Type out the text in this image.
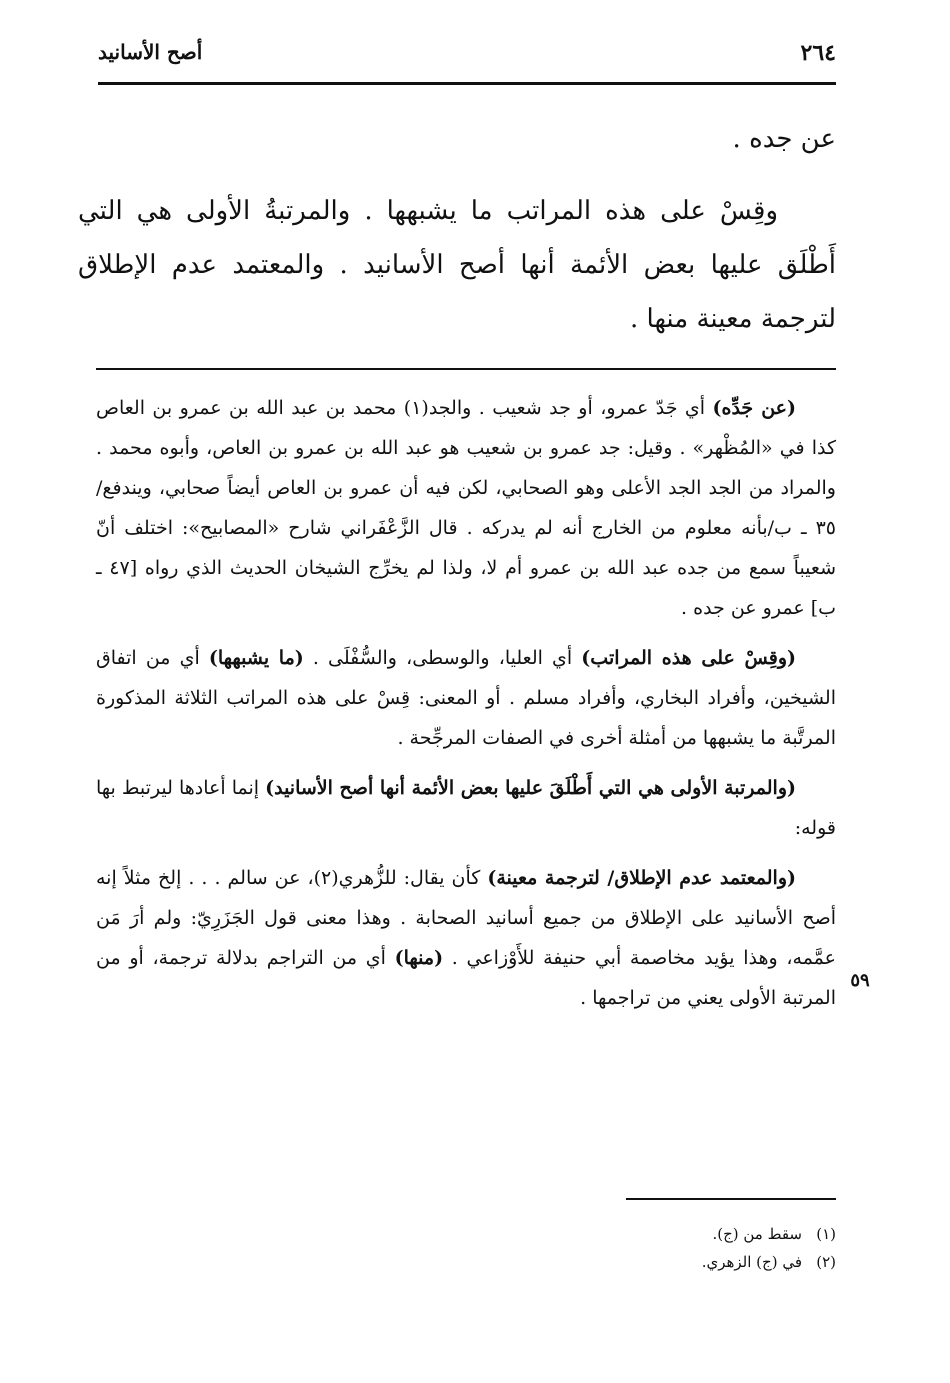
٢٦٤
أصح الأسانيد

عن جده .

وقِسْ على هذه المراتب ما يشبهها . والمرتبةُ الأولى هي التي أَطْلَق عليها بعض الأئمة أنها أصح الأسانيد . والمعتمد عدم الإطلاق لترجمة معينة منها .

(عن جَدِّه) أي جَدّ عمرو، أو جد شعيب . والجد(١) محمد بن عبد الله بن عمرو بن العاص كذا في «المُظْهر» . وقيل: جد عمرو بن شعيب هو عبد الله بن عمرو بن العاص، وأبوه محمد . والمراد من الجد الجد الأعلى وهو الصحابي، لكن فيه أن عمرو بن العاص أيضاً صحابي، ويندفع/٣٥ ـ ب/بأنه معلوم من الخارج أنه لم يدركه . قال الزَّعْفَراني شارح «المصابيح»: اختلف أنّ شعيباً سمع من جده عبد الله بن عمرو أم لا، ولذا لم يخرِّج الشيخان الحديث الذي رواه [٤٧ ـ ب] عمرو عن جده .

(وقِسْ على هذه المراتب) أي العليا، والوسطى، والسُّفْلَى . (ما يشبهها) أي من اتفاق الشيخين، وأفراد البخاري، وأفراد مسلم . أو المعنى: قِسْ على هذه المراتب الثلاثة المذكورة المرتَّبة ما يشبهها من أمثلة أخرى في الصفات المرجِّحة .

(والمرتبة الأولى هي التي أَطْلَقَ عليها بعض الأئمة أنها أصح الأسانيد) إنما أعادها ليرتبط بها قوله:

(والمعتمد عدم الإطلاق/ لترجمة معينة) كأن يقال: للزُّهري(٢)، عن سالم . . . إلخ مثلاً إنه أصح الأسانيد على الإطلاق من جميع أسانيد الصحابة . وهذا معنى قول الجَزَرِيّ: ولم أرَ مَن عمَّمه، وهذا يؤيد مخاصمة أبي حنيفة للأَوْزاعي . (منها) أي من التراجم بدلالة ترجمة، أو من المرتبة الأولى يعني من تراجمها .

٥٩

(١)سقط من (ج).

(٢)في (ج) الزهري.
